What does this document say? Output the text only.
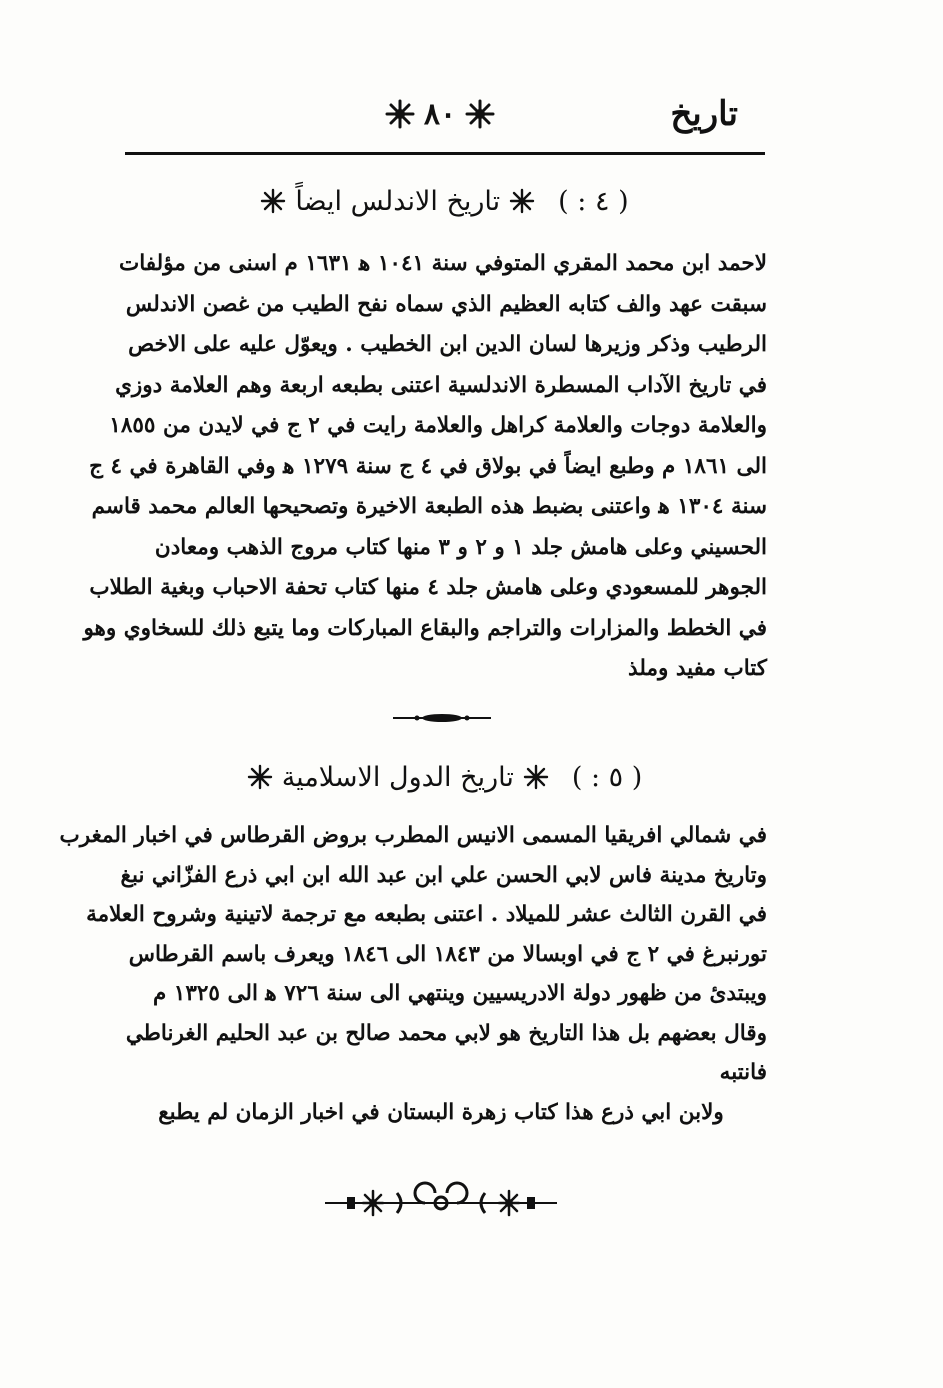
تاريخ
٨٠
( ٤ : )
تاريخ الاندلس ايضاً
لاحمد ابن محمد المقري المتوفي سنة ١٠٤١ ﻫ ١٦٣١ م اسنى من مؤلفات
سبقت عهد والف كتابه العظيم الذي سماه نفح الطيب من غصن الاندلس
الرطيب وذكر وزيرها لسان الدين ابن الخطيب . ويعوّل عليه على الاخص
في تاريخ الآداب المسطرة الاندلسية اعتنى بطبعه اربعة وهم العلامة دوزي
والعلامة دوجات والعلامة كراهل والعلامة رايت في ٢ ج في لايدن من ١٨٥٥
الى ١٨٦١ م وطبع ايضاً في بولاق في ٤ ج سنة ١٢٧٩ ﻫ وفي القاهرة في ٤ ج
سنة ١٣٠٤ ﻫ واعتنى بضبط هذه الطبعة الاخيرة وتصحيحها العالم محمد قاسم
الحسيني وعلى هامش جلد ١ و ٢ و ٣ منها كتاب مروج الذهب ومعادن
الجوهر للمسعودي وعلى هامش جلد ٤ منها كتاب تحفة الاحباب وبغية الطلاب
في الخطط والمزارات والتراجم والبقاع المباركات وما يتبع ذلك للسخاوي وهو
كتاب مفيد وملذ
( ٥ : )
تاريخ الدول الاسلامية
في شمالي افريقيا المسمى الانيس المطرب بروض القرطاس في اخبار المغرب
وتاريخ مدينة فاس لابي الحسن علي ابن عبد الله ابن ابي ذرع الفزّاني نبغ
في القرن الثالث عشر للميلاد . اعتنى بطبعه مع ترجمة لاتينية وشروح العلامة
تورنبرغ في ٢ ج في اوبسالا من ١٨٤٣ الى ١٨٤٦ ويعرف باسم القرطاس
ويبتدئ من ظهور دولة الادريسيين وينتهي الى سنة ٧٢٦ ﻫ الى ١٣٢٥ م
وقال بعضهم بل هذا التاريخ هو لابي محمد صالح بن عبد الحليم الغرناطي
فانتبه
ولابن ابي ذرع هذا كتاب زهرة البستان في اخبار الزمان لم يطبع
